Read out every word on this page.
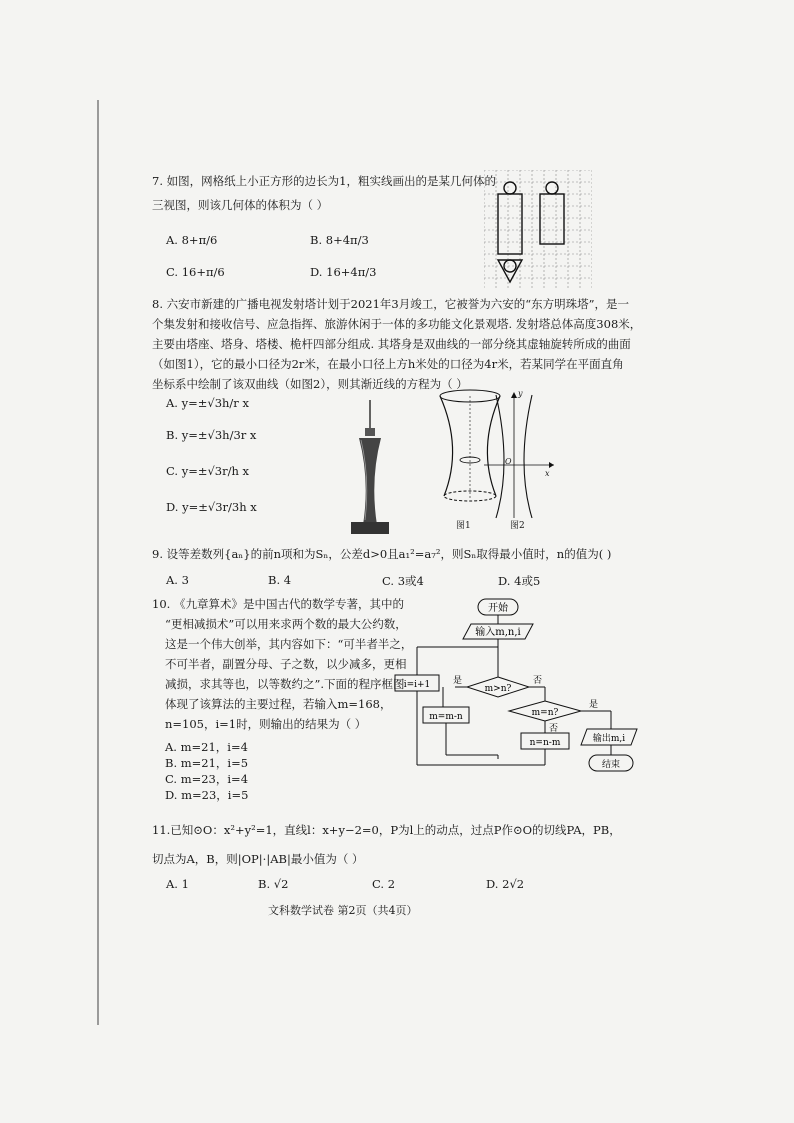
7. 如图，网格纸上小正方形的边长为1，粗实线画出的是某几何体的
三视图，则该几何体的体积为（ ）
A. 8+π/6	B. 8+4π/3
C. 16+π/6	D. 16+4π/3
8. 六安市新建的广播电视发射塔计划于2021年3月竣工，它被誉为六安的“东方明珠塔”，是一
个集发射和接收信号、应急指挥、旅游休闲于一体的多功能文化景观塔. 发射塔总体高度308米，
主要由塔座、塔身、塔楼、桅杆四部分组成. 其塔身是双曲线的一部分绕其虚轴旋转所成的曲面
（如图1），它的最小口径为2r米，在最小口径上方h米处的口径为4r米，若某同学在平面直角
坐标系中绘制了该双曲线（如图2），则其渐近线的方程为（ ）
A. y=±√3h/r x
B. y=±√3h/3r x
C. y=±√3r/h x
D. y=±√3r/3h x
图1
O
x
y
图2
9. 设等差数列{aₙ}的前n项和为Sₙ，公差d>0且a₁²=a₇²，则Sₙ取得最小值时，n的值为( )
A. 3	B. 4	C. 3或4	D. 4或5
10. 《九章算术》是中国古代的数学专著，其中的
“更相减损术”可以用来求两个数的最大公约数，
这是一个伟大创举，其内容如下：“可半者半之，
不可半者，副置分母、子之数，以少减多，更相
减损，求其等也，以等数约之”.下面的程序框图
体现了该算法的主要过程，若输入m=168，
n=105，i=1时，则输出的结果为（ ）
A. m=21，i=4
B. m=21，i=5
C. m=23，i=4
D. m=23，i=5
开始
输入m,n,i
m>n?
m=n?
i=i+1
m=m-n
n=n-m	输出m,i
结束
是	否
是
否
11.已知⊙O：x²+y²=1，直线l：x+y−2=0，P为l上的动点，过点P作⊙O的切线PA，PB，
切点为A，B，则|OP|·|AB|最小值为（ ）
A. 1	B. √2	C. 2	D. 2√2
文科数学试卷 第2页（共4页）
